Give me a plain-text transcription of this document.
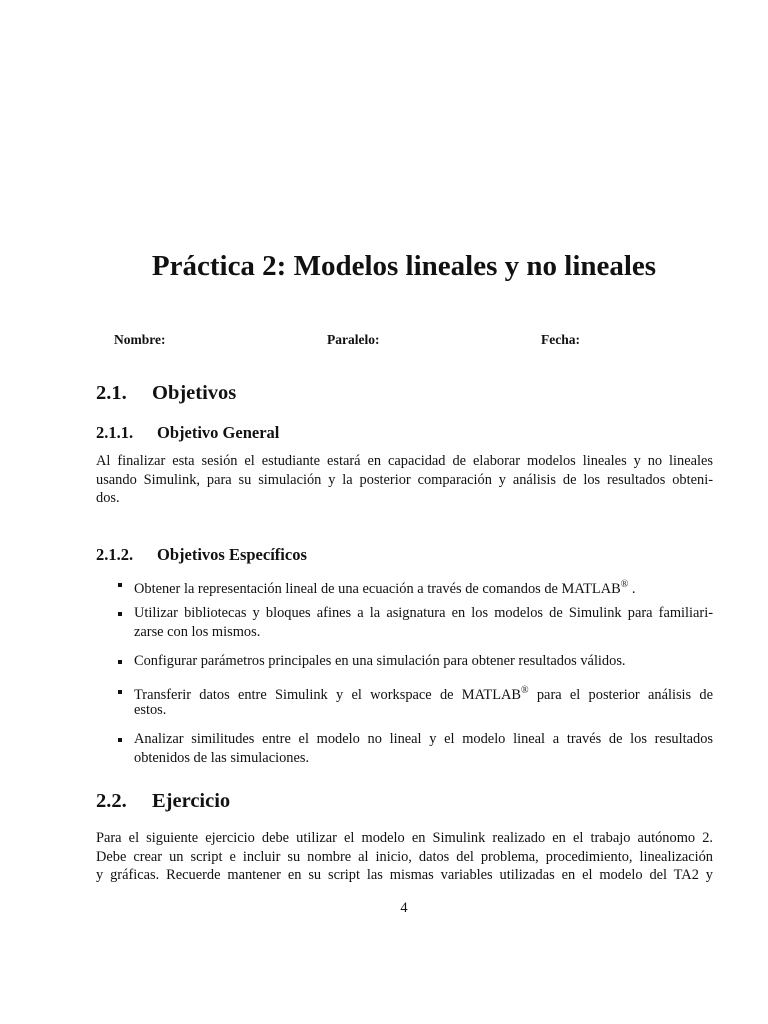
Práctica 2: Modelos lineales y no lineales
Nombre:	Paralelo:	Fecha:
2.1. Objetivos
2.1.1. Objetivo General

Al finalizar esta sesión el estudiante estará en capacidad de elaborar modelos lineales y no lineales

usando Simulink, para su simulación y la posterior comparación y análisis de los resultados obteni-

dos.

2.1.2. Objetivos Específicos
Obtener la representación lineal de una ecuación a través de comandos de MATLAB® .
Utilizar bibliotecas y bloques afines a la asignatura en los modelos de Simulink para familiari-
zarse con los mismos.
Configurar parámetros principales en una simulación para obtener resultados válidos.
Transferir datos entre Simulink y el workspace de MATLAB® para el posterior análisis de
estos.
Analizar similitudes entre el modelo no lineal y el modelo lineal a través de los resultados
obtenidos de las simulaciones.
2.2. Ejercicio

Para el siguiente ejercicio debe utilizar el modelo en Simulink realizado en el trabajo autónomo 2.

Debe crear un script e incluir su nombre al inicio, datos del problema, procedimiento, linealización

y gráficas. Recuerde mantener en su script las mismas variables utilizadas en el modelo del TA2 y

4
